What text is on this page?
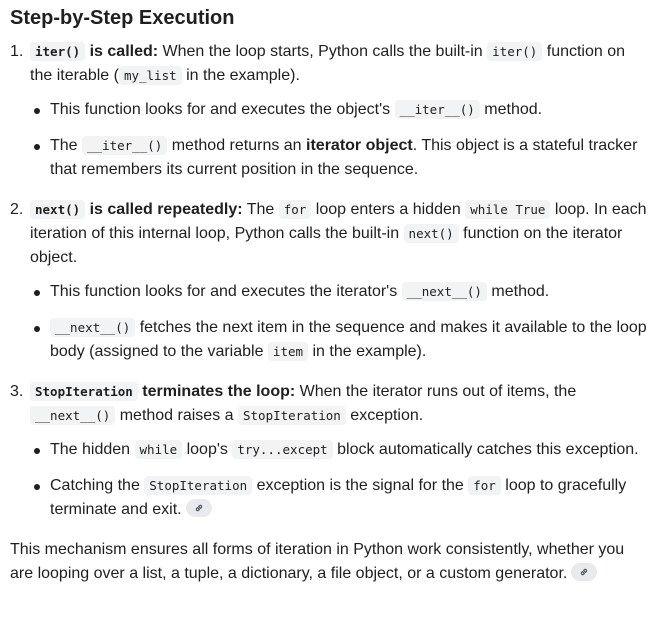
Step-by-Step Execution
1. iter() is called: When the loop starts, Python calls the built-in iter() function on the iterable ( my_list in the example).
This function looks for and executes the object's __iter__() method.
The __iter__() method returns an iterator object. This object is a stateful tracker that remembers its current position in the sequence.
2. next() is called repeatedly: The for loop enters a hidden while True loop. In each iteration of this internal loop, Python calls the built-in next() function on the iterator object.
This function looks for and executes the iterator's __next__() method.
__next__() fetches the next item in the sequence and makes it available to the loop body (assigned to the variable item in the example).
3. StopIteration terminates the loop: When the iterator runs out of items, the __next__() method raises a StopIteration exception.
The hidden while loop's try...except block automatically catches this exception.
Catching the StopIteration exception is the signal for the for loop to gracefully terminate and exit.

This mechanism ensures all forms of iteration in Python work consistently, whether you are looping over a list, a tuple, a dictionary, a file object, or a custom generator.
